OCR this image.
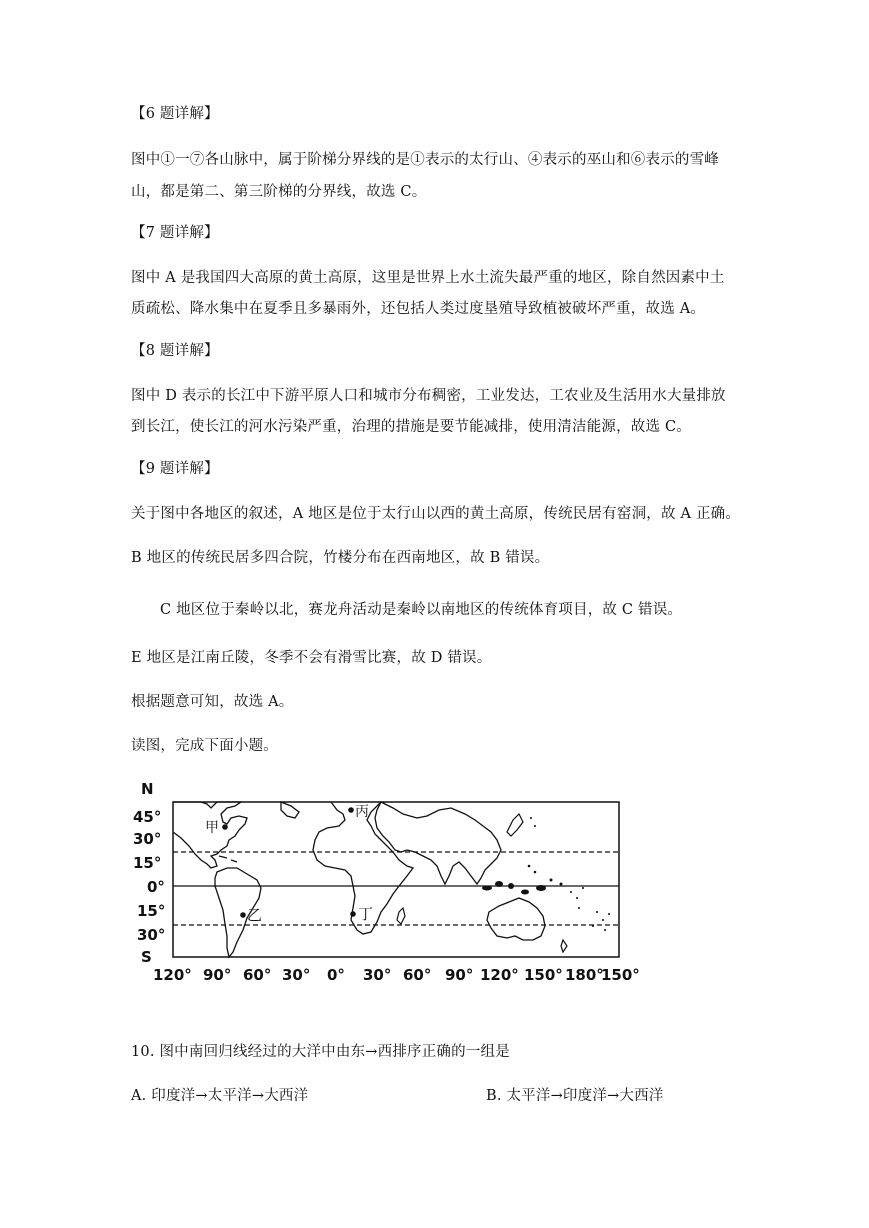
【6 题详解】
图中①一⑦各山脉中，属于阶梯分界线的是①表示的太行山、④表示的巫山和⑥表示的雪峰
山，都是第二、第三阶梯的分界线，故选 C。
【7 题详解】
图中 A 是我国四大高原的黄土高原，这里是世界上水土流失最严重的地区，除自然因素中土
质疏松、降水集中在夏季且多暴雨外，还包括人类过度垦殖导致植被破坏严重，故选 A。
【8 题详解】
图中 D 表示的长江中下游平原人口和城市分布稠密，工业发达，工农业及生活用水大量排放
到长江，使长江的河水污染严重，治理的措施是要节能减排，使用清洁能源，故选 C。
【9 题详解】
关于图中各地区的叙述，A 地区是位于太行山以西的黄土高原，传统民居有窑洞，故 A 正确。
B 地区的传统民居多四合院，竹楼分布在西南地区，故 B 错误。
C 地区位于秦岭以北，赛龙舟活动是秦岭以南地区的传统体育项目，故 C 错误。
E 地区是江南丘陵，冬季不会有滑雪比赛，故 D 错误。
根据题意可知，故选 A。
读图，完成下面小题。
甲
乙
丙
丁
N
45°
30°
15°
0°
15°
30°
S
120° 90° 60° 30° 0° 30° 60° 90° 120° 150° 180°
150°
10. 图中南回归线经过的大洋中由东→西排序正确的一组是
A. 印度洋→太平洋→大西洋	B. 太平洋→印度洋→大西洋
